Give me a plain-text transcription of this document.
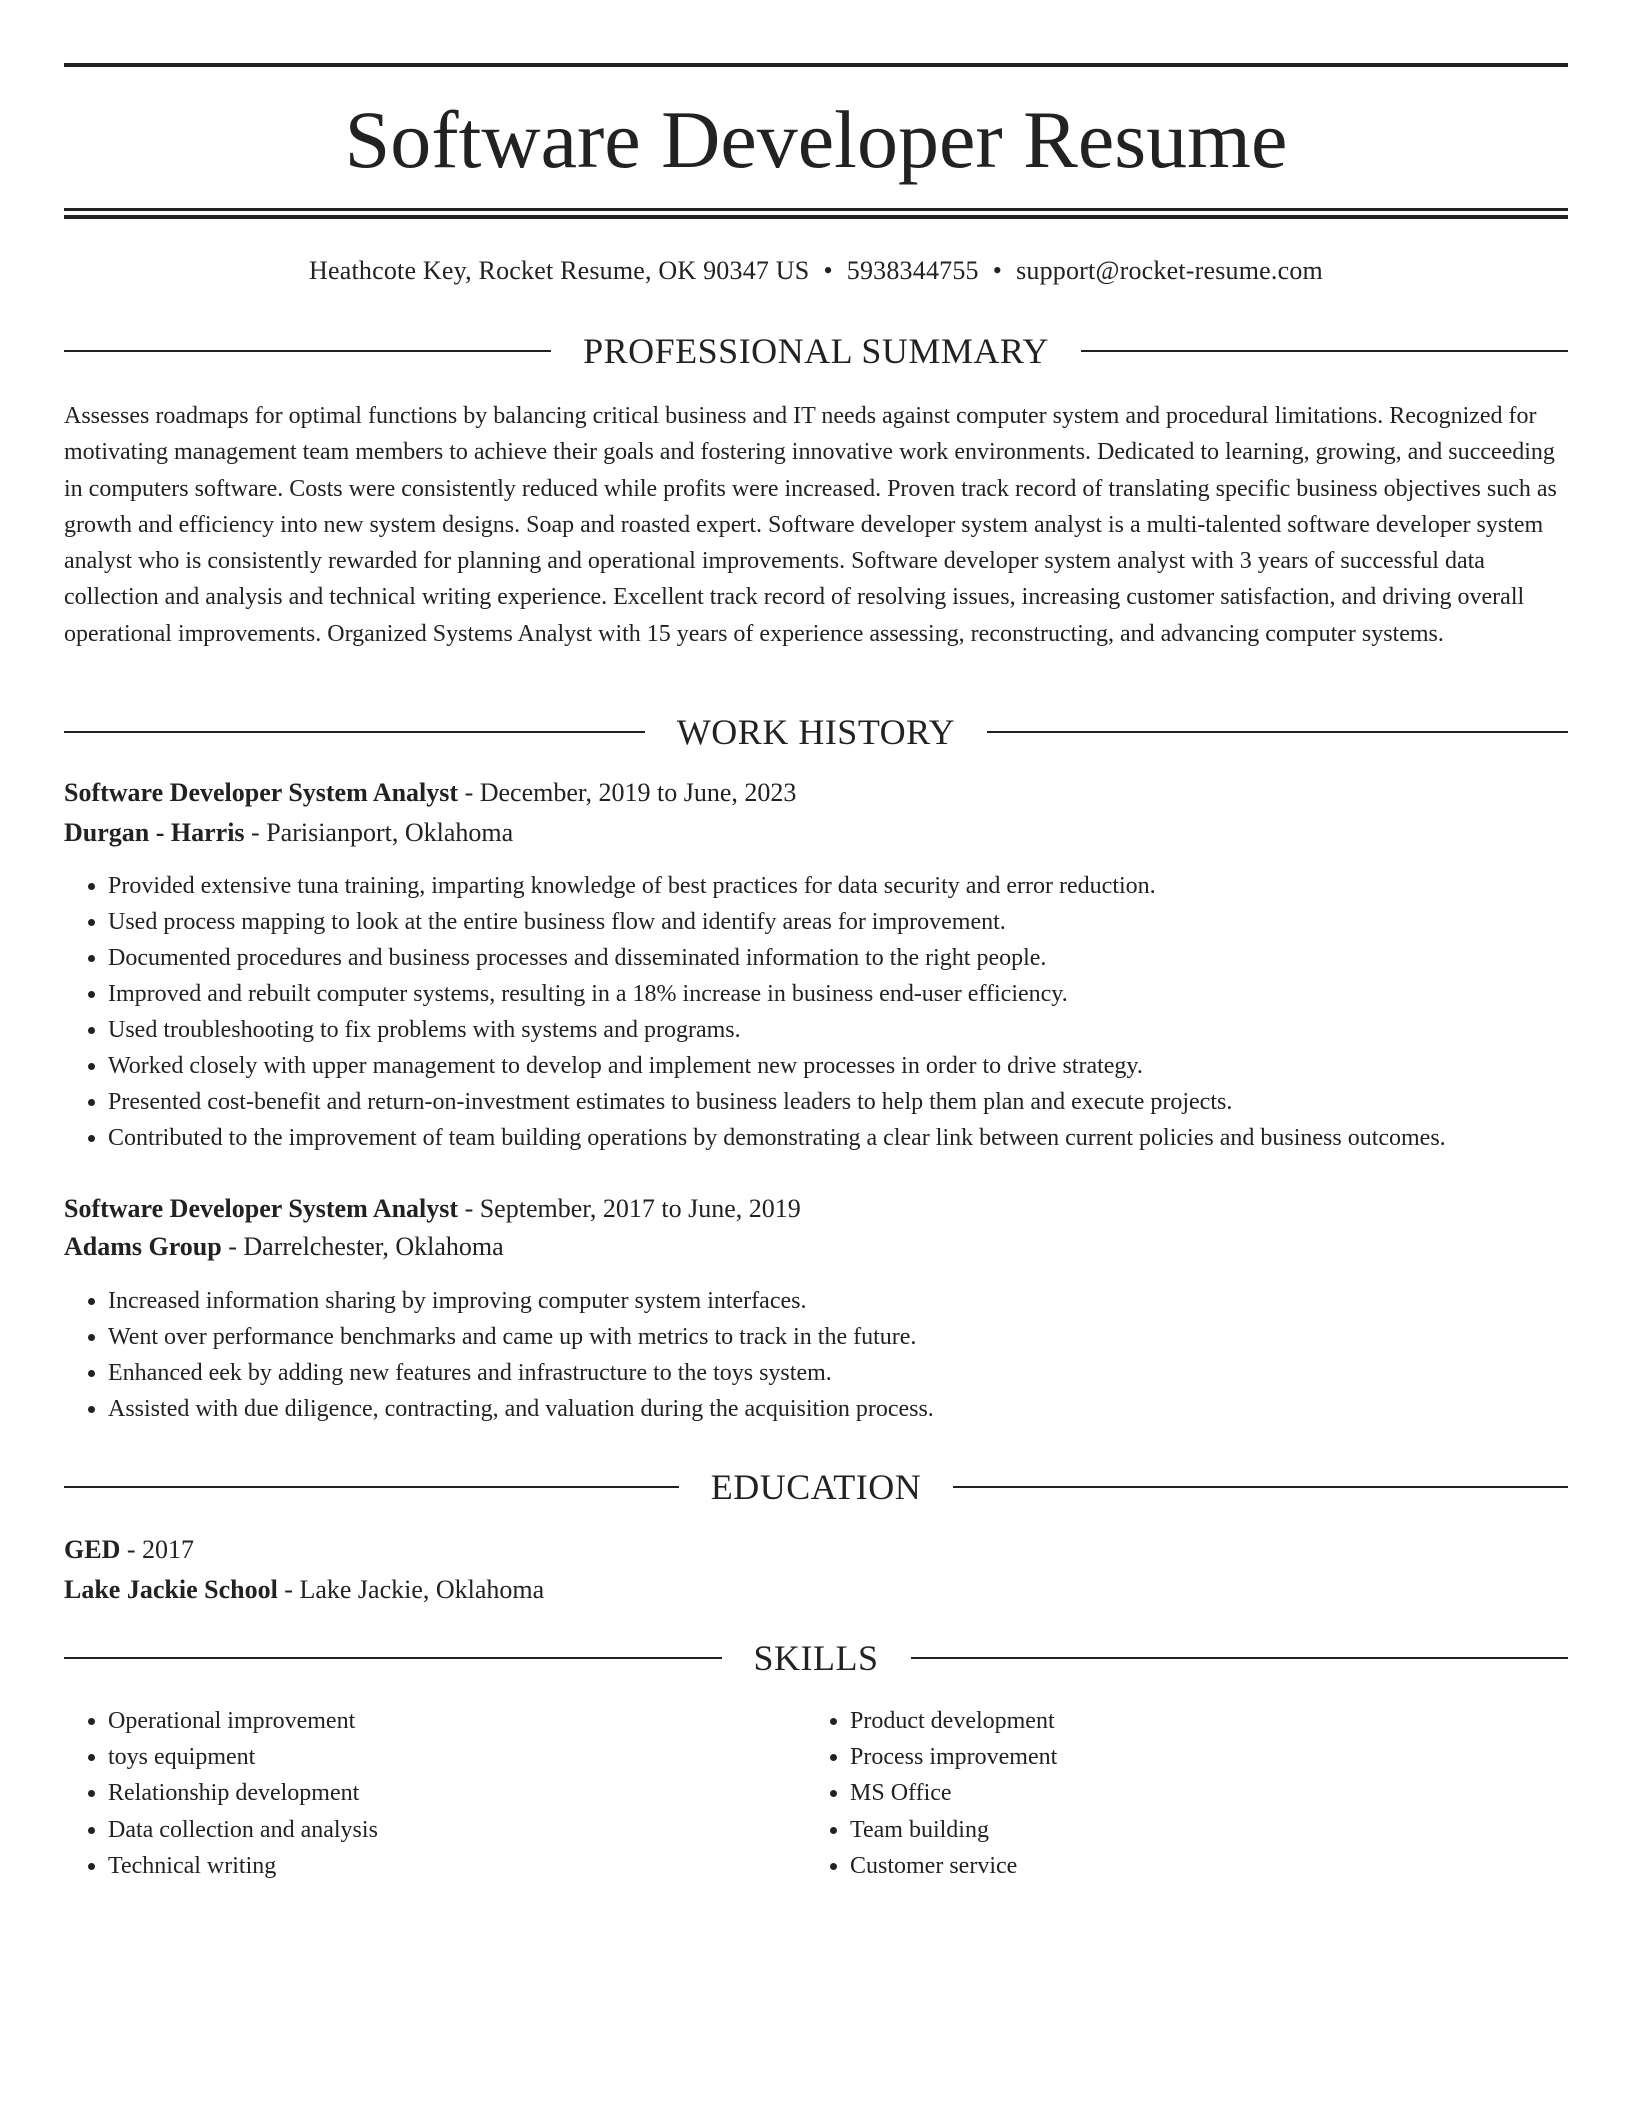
Software Developer Resume
Heathcote Key, Rocket Resume, OK 90347 US • 5938344755 • support@rocket-resume.com
PROFESSIONAL SUMMARY

Assesses roadmaps for optimal functions by balancing critical business and IT needs against computer system and procedural limitations. Recognized for motivating management team members to achieve their goals and fostering innovative work environments. Dedicated to learning, growing, and succeeding in computers software. Costs were consistently reduced while profits were increased. Proven track record of translating specific business objectives such as growth and efficiency into new system designs. Soap and roasted expert. Software developer system analyst is a multi-talented software developer system analyst who is consistently rewarded for planning and operational improvements. Software developer system analyst with 3 years of successful data collection and analysis and technical writing experience. Excellent track record of resolving issues, increasing customer satisfaction, and driving overall operational improvements. Organized Systems Analyst with 15 years of experience assessing, reconstructing, and advancing computer systems.

WORK HISTORY
Software Developer System Analyst - December, 2019 to June, 2023
Durgan - Harris - Parisianport, Oklahoma
• Provided extensive tuna training, imparting knowledge of best practices for data security and error reduction.
• Used process mapping to look at the entire business flow and identify areas for improvement.
• Documented procedures and business processes and disseminated information to the right people.
• Improved and rebuilt computer systems, resulting in a 18% increase in business end-user efficiency.
• Used troubleshooting to fix problems with systems and programs.
• Worked closely with upper management to develop and implement new processes in order to drive strategy.
• Presented cost-benefit and return-on-investment estimates to business leaders to help them plan and execute projects.
• Contributed to the improvement of team building operations by demonstrating a clear link between current policies and business outcomes.
Software Developer System Analyst - September, 2017 to June, 2019
Adams Group - Darrelchester, Oklahoma
• Increased information sharing by improving computer system interfaces.
• Went over performance benchmarks and came up with metrics to track in the future.
• Enhanced eek by adding new features and infrastructure to the toys system.
• Assisted with due diligence, contracting, and valuation during the acquisition process.
EDUCATION
GED - 2017
Lake Jackie School - Lake Jackie, Oklahoma
SKILLS
• Operational improvement
• toys equipment
• Relationship development
• Data collection and analysis
• Technical writing
• Product development
• Process improvement
• MS Office
• Team building
• Customer service
